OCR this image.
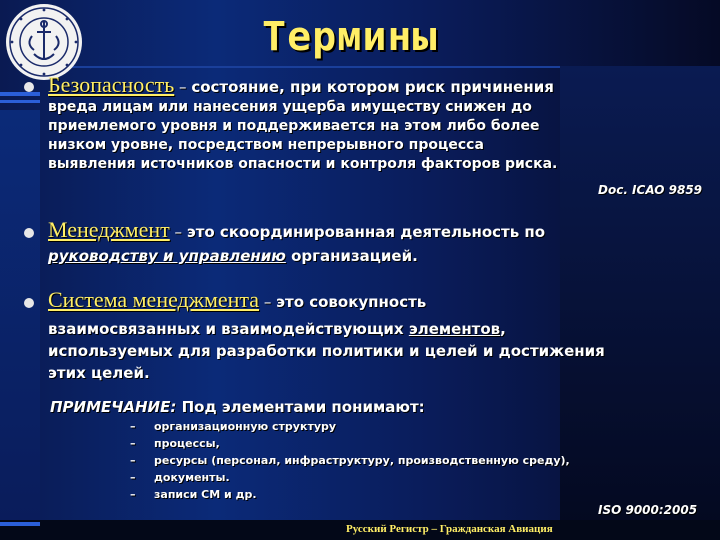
Термины
Безопасность – состояние, при котором риск причинения
вреда лицам или нанесения ущерба имуществу снижен до
приемлемого уровня и поддерживается на этом либо более
низком уровне, посредством непрерывного процесса
выявления источников опасности и контроля факторов риска.
Doc. ICAO 9859
Менеджмент – это скоординированная деятельность по
руководству и управлению организацией.
Система менеджмента – это совокупность
взаимосвязанных и взаимодействующих элементов,
используемых для разработки политики и целей и достижения
этих целей.
ПРИМЕЧАНИЕ: Под элементами понимают:
– организационную структуру
– процессы,
– ресурсы (персонал, инфраструктуру, производственную среду),
– документы.
– записи СМ и др.
ISO 9000:2005
Русский Регистр – Гражданская Авиация
